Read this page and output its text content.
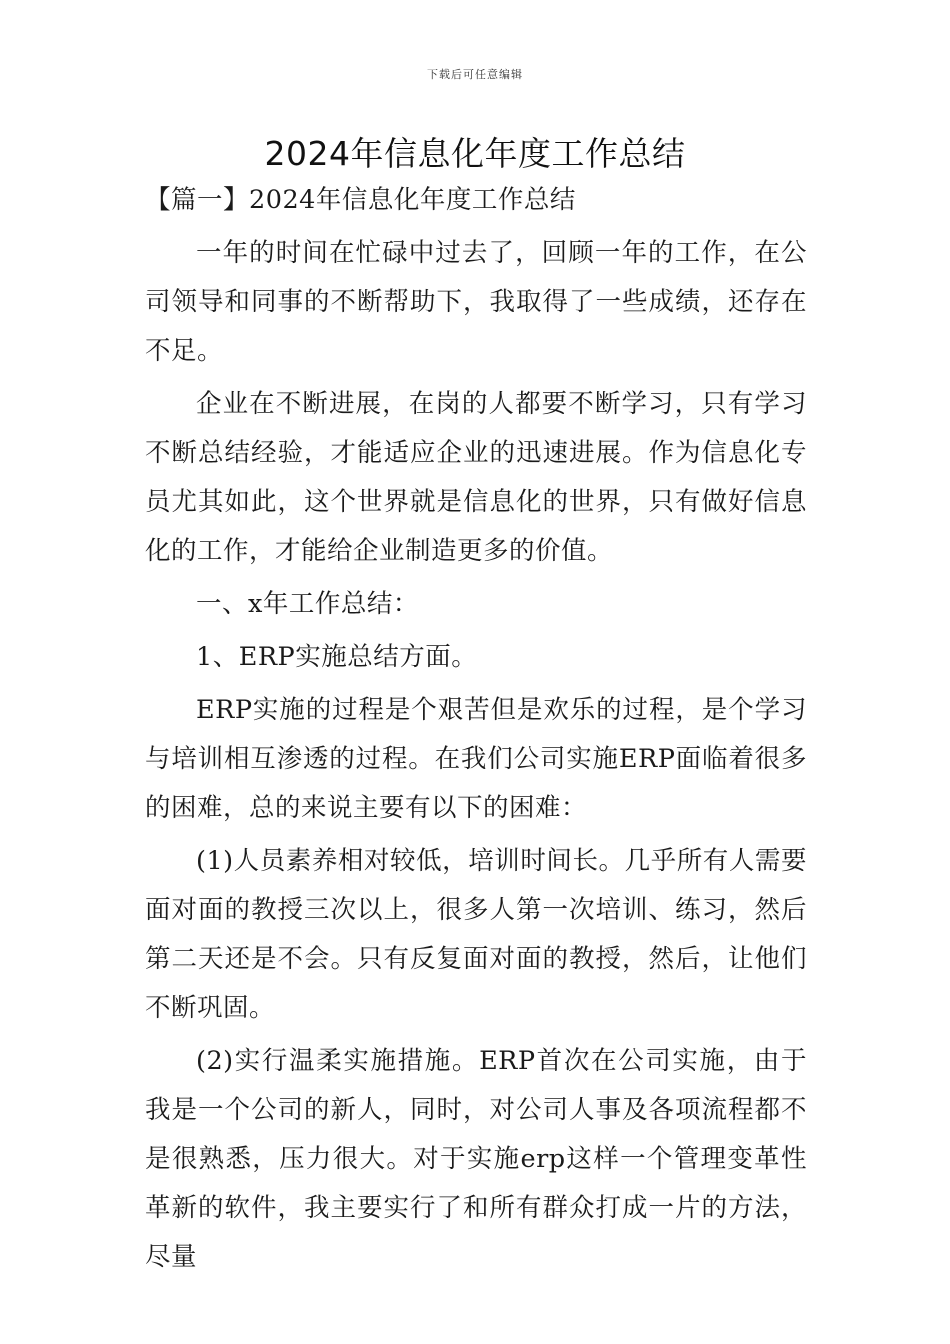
下载后可任意编辑
2024年信息化年度工作总结

【篇一】2024年信息化年度工作总结

一年的时间在忙碌中过去了，回顾一年的工作，在公司领导和同事的不断帮助下，我取得了一些成绩，还存在不足。

企业在不断进展，在岗的人都要不断学习，只有学习不断总结经验，才能适应企业的迅速进展。作为信息化专员尤其如此，这个世界就是信息化的世界，只有做好信息化的工作，才能给企业制造更多的价值。

一、x年工作总结：

1、ERP实施总结方面。

ERP实施的过程是个艰苦但是欢乐的过程，是个学习与培训相互渗透的过程。在我们公司实施ERP面临着很多的困难，总的来说主要有以下的困难：

(1)人员素养相对较低，培训时间长。几乎所有人需要面对面的教授三次以上，很多人第一次培训、练习，然后第二天还是不会。只有反复面对面的教授，然后，让他们不断巩固。

(2)实行温柔实施措施。ERP首次在公司实施，由于我是一个公司的新人，同时，对公司人事及各项流程都不是很熟悉，压力很大。对于实施erp这样一个管理变革性革新的软件，我主要实行了和所有群众打成一片的方法，尽量
